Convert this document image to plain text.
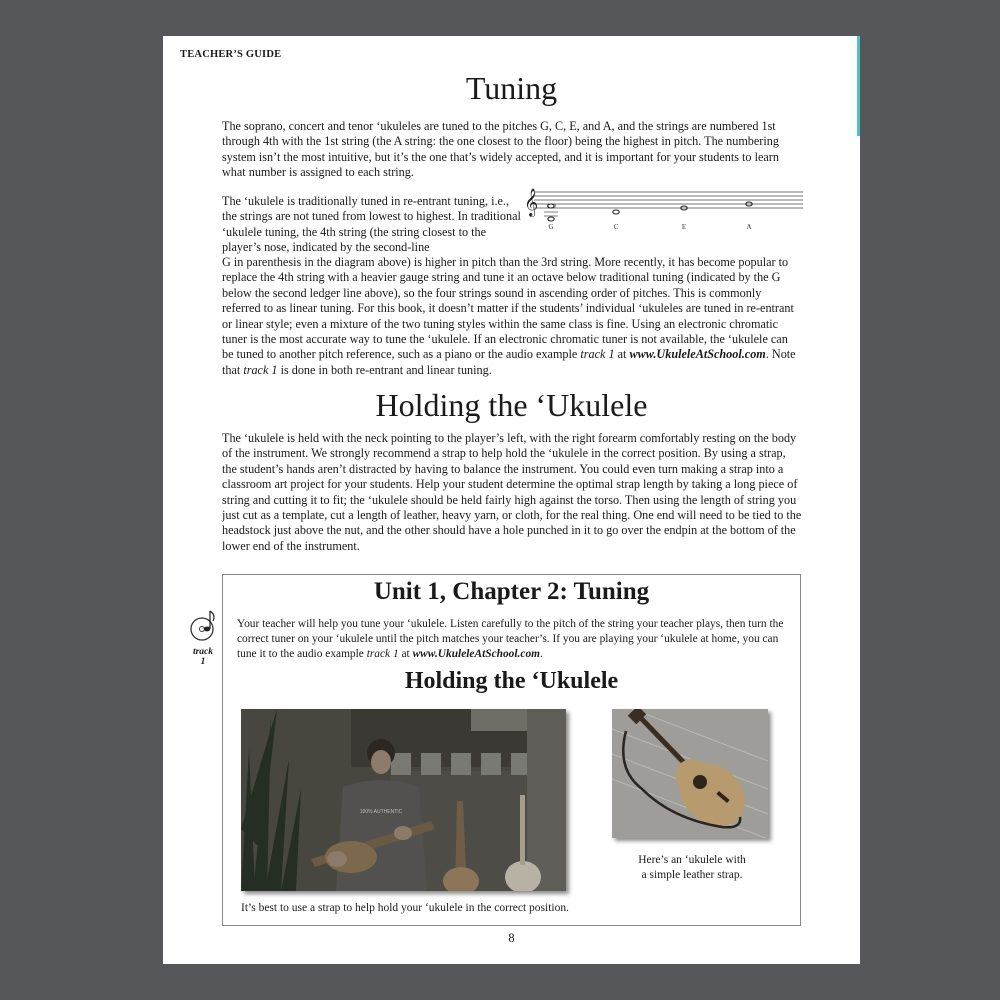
TEACHER’S GUIDE
Tuning

The soprano, concert and tenor ‘ukuleles are tuned to the pitches G, C, E, and A, and the strings are numbered 1st through 4th with the 1st string (the A string: the one closest to the floor) being the highest in pitch. The numbering system isn’t the most intuitive, but it’s the one that’s widely accepted, and it is important for your students to learn what number is assigned to each string.

The ‘ukulele is traditionally tuned in re-entrant tuning, i.e., the strings are not tuned from lowest to highest. In traditional ‘ukulele tuning, the 4th string (the string closest to the player’s nose, indicated by the second-line

𝄞 ( )
G	C	E	A

G in parenthesis in the diagram above) is higher in pitch than the 3rd string. More recently, it has become popular to replace the 4th string with a heavier gauge string and tune it an octave below traditional tuning (indicated by the G below the second ledger line above), so the four strings sound in ascending order of pitches. This is commonly referred to as linear tuning. For this book, it doesn’t matter if the students’ individual ‘ukuleles are tuned in re-entrant or linear style; even a mixture of the two tuning styles within the same class is fine. Using an electronic chromatic tuner is the most accurate way to tune the ‘ukulele. If an electronic chromatic tuner is not available, the ‘ukulele can be tuned to another pitch reference, such as a piano or the audio example track 1 at www.UkuleleAtSchool.com. Note that track 1 is done in both re-entrant and linear tuning.

Holding the ‘Ukulele

The ‘ukulele is held with the neck pointing to the player’s left, with the right forearm comfortably resting on the body of the instrument. We strongly recommend a strap to help hold the ‘ukulele in the correct position. By using a strap, the student’s hands aren’t distracted by having to balance the instrument. You could even turn making a strap into a classroom art project for your students. Help your student determine the optimal strap length by taking a long piece of string and cutting it to fit; the ‘ukulele should be held fairly high against the torso. Then using the length of string you just cut as a template, cut a length of leather, heavy yarn, or cloth, for the real thing. One end will need to be tied to the headstock just above the nut, and the other should have a hole punched in it to go over the endpin at the bottom of the lower end of the instrument.

track
1
Unit 1, Chapter 2: Tuning

Your teacher will help you tune your ‘ukulele. Listen carefully to the pitch of the string your teacher plays, then turn the correct tuner on your ‘ukulele until the pitch matches your teacher’s. If you are playing your ‘ukulele at home, you can tune it to the audio example track 1 at www.UkuleleAtSchool.com.

Holding the ‘Ukulele
100% AUTHENTIC
It’s best to use a strap to help hold your ‘ukulele in the correct position.
Here’s an ‘ukulele with
a simple leather strap.
8
